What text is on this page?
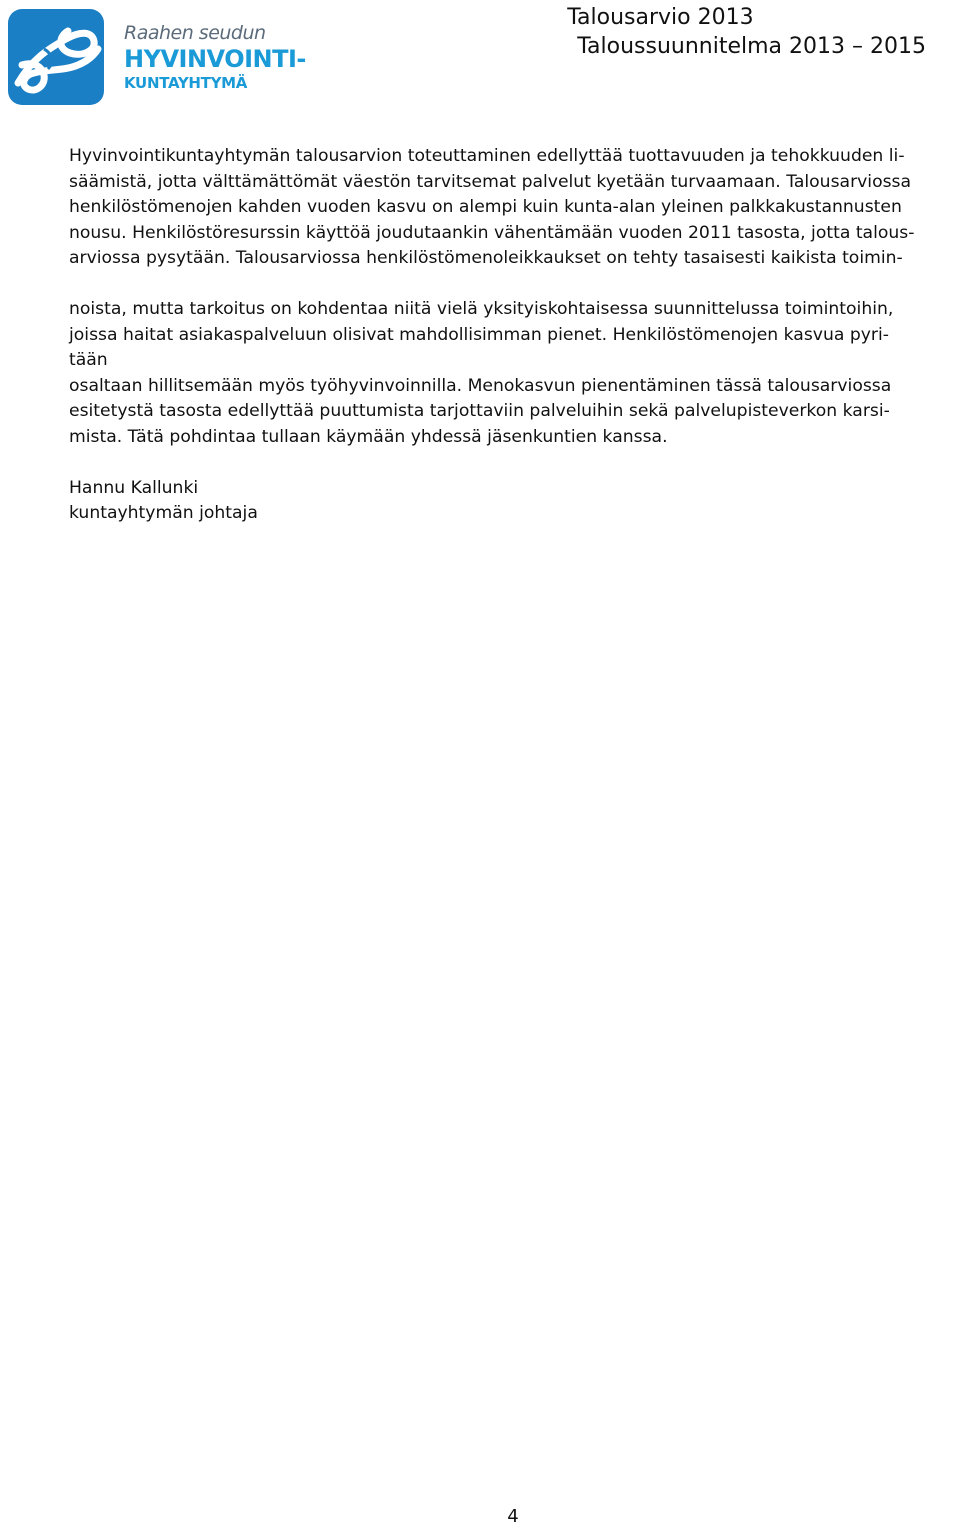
Raahen seudun
HYVINVOINTI-
KUNTAYHTYMÄ
Talousarvio 2013
Taloussuunnitelma 2013 – 2015
Hyvinvointikuntayhtymän talousarvion toteuttaminen edellyttää tuottavuuden ja tehokkuuden li-
säämistä, jotta välttämättömät väestön tarvitsemat palvelut kyetään turvaamaan. Talousarviossa
henkilöstömenojen kahden vuoden kasvu on alempi kuin kunta-alan yleinen palkkakustannusten
nousu. Henkilöstöresurssin käyttöä joudutaankin vähentämään vuoden 2011 tasosta, jotta talous-
arviossa pysytään. Talousarviossa henkilöstömenoleikkaukset on tehty tasaisesti kaikista toimin-
noista, mutta tarkoitus on kohdentaa niitä vielä yksityiskohtaisessa suunnittelussa toimintoihin,
joissa haitat asiakaspalveluun olisivat mahdollisimman pienet. Henkilöstömenojen kasvua pyri-
tään
osaltaan hillitsemään myös työhyvinvoinnilla. Menokasvun pienentäminen tässä talousarviossa
esitetystä tasosta edellyttää puuttumista tarjottaviin palveluihin sekä palvelupisteverkon karsi-
mista. Tätä pohdintaa tullaan käymään yhdessä jäsenkuntien kanssa.
Hannu Kallunki
kuntayhtymän johtaja
4
